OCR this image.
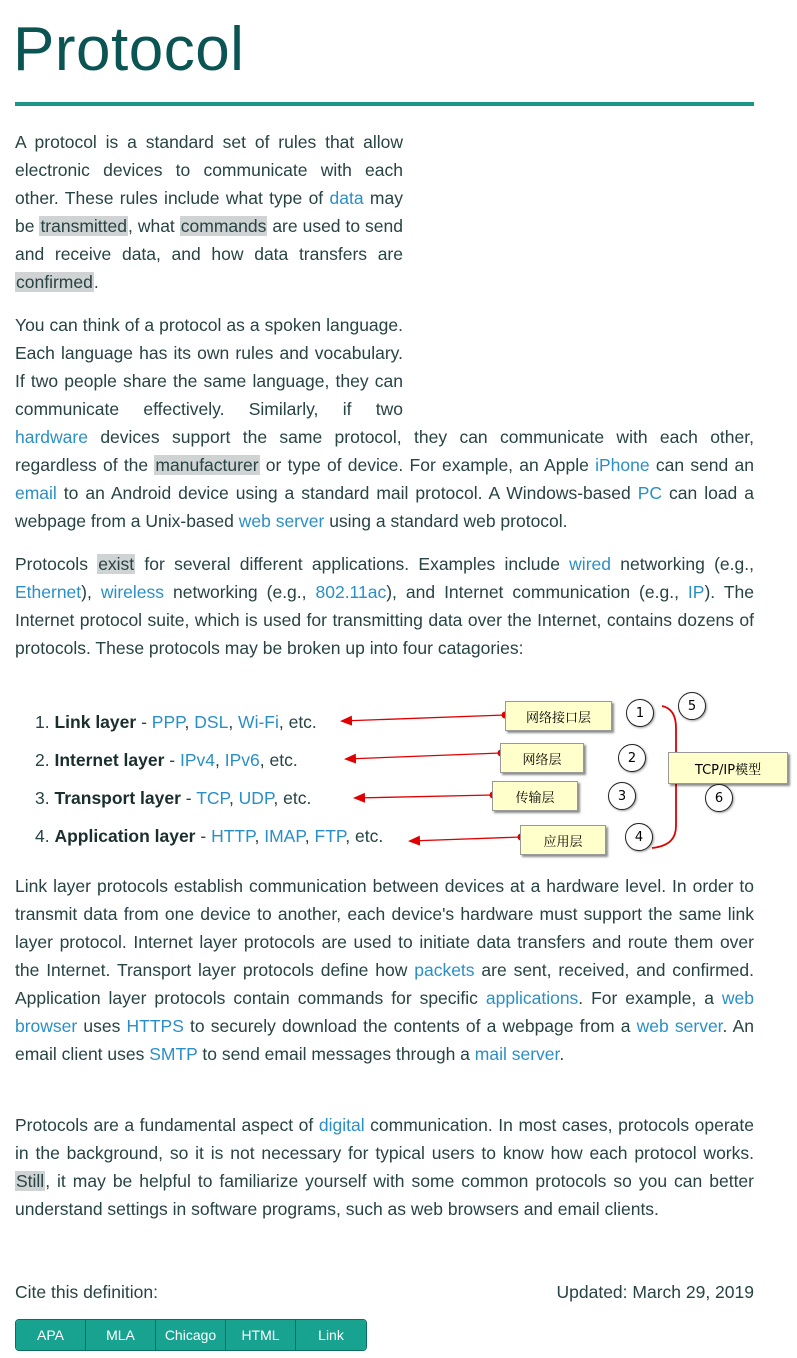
Protocol

A protocol is a standard set of rules that allow electronic devices to communicate with each other. These rules include what type of data may be transmitted, what commands are used to send and receive data, and how data transfers are confirmed.

You can think of a protocol as a spoken language. Each language has its own rules and vocabulary. If two people share the same language, they can communicate effectively. Similarly, if two hardware devices support the same protocol, they can communicate with each other, regardless of the manufacturer or type of device. For example, an Apple iPhone can send an email to an Android device using a standard mail protocol. A Windows-based PC can load a webpage from a Unix-based web server using a standard web protocol.

Protocols exist for several different applications. Examples include wired networking (e.g., Ethernet), wireless networking (e.g., 802.11ac), and Internet communication (e.g., IP). The Internet protocol suite, which is used for transmitting data over the Internet, contains dozens of protocols. These protocols may be broken up into four catagories:

1. Link layer - PPP, DSL, Wi-Fi, etc.
2. Internet layer - IPv4, IPv6, etc.
3. Transport layer - TCP, UDP, etc.
4. Application layer - HTTP, IMAP, FTP, etc.
网络接口层
网络层
传输层
应用层
TCP/IP模型
1
2
3
4
5
6

Link layer protocols establish communication between devices at a hardware level. In order to transmit data from one device to another, each device's hardware must support the same link layer protocol. Internet layer protocols are used to initiate data transfers and route them over the Internet. Transport layer protocols define how packets are sent, received, and confirmed. Application layer protocols contain commands for specific applications. For example, a web browser uses HTTPS to securely download the contents of a webpage from a web server. An email client uses SMTP to send email messages through a mail server.

Protocols are a fundamental aspect of digital communication. In most cases, protocols operate in the background, so it is not necessary for typical users to know how each protocol works. Still, it may be helpful to familiarize yourself with some common protocols so you can better understand settings in software programs, such as web browsers and email clients.

Cite this definition:	Updated: March 29, 2019
APA	MLA	Chicago	HTML	Link
